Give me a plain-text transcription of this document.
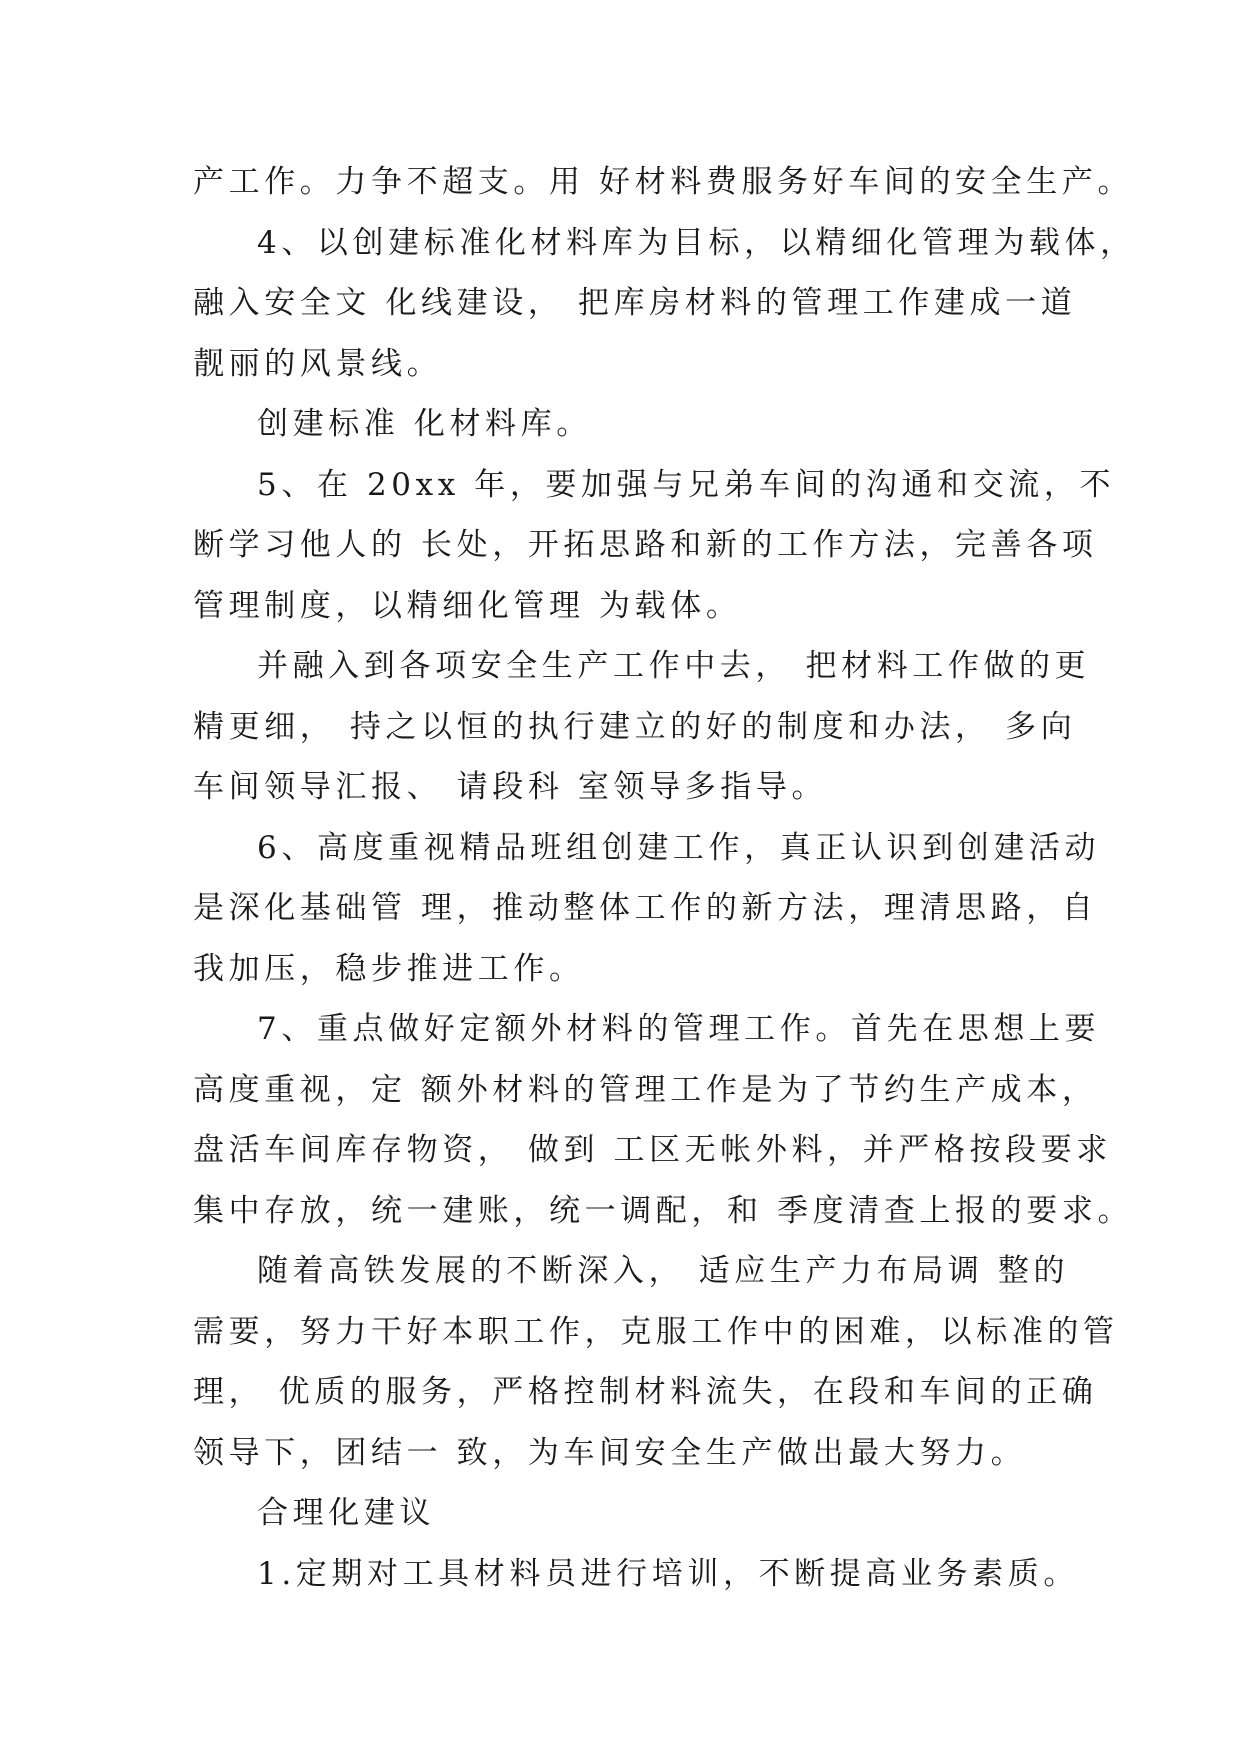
产工作。力争不超支。用 好材料费服务好车间的安全生产。
4、以创建标准化材料库为目标，以精细化管理为载体，
融入安全文 化线建设， 把库房材料的管理工作建成一道
靓丽的风景线。
创建标准 化材料库。
5、在 20xx 年，要加强与兄弟车间的沟通和交流，不
断学习他人的 长处，开拓思路和新的工作方法，完善各项
管理制度，以精细化管理 为载体。
并融入到各项安全生产工作中去， 把材料工作做的更
精更细， 持之以恒的执行建立的好的制度和办法， 多向
车间领导汇报、 请段科 室领导多指导。
6、高度重视精品班组创建工作，真正认识到创建活动
是深化基础管 理，推动整体工作的新方法，理清思路，自
我加压，稳步推进工作。
7、重点做好定额外材料的管理工作。首先在思想上要
高度重视，定 额外材料的管理工作是为了节约生产成本，
盘活车间库存物资， 做到 工区无帐外料，并严格按段要求
集中存放，统一建账，统一调配，和 季度清查上报的要求。
随着高铁发展的不断深入， 适应生产力布局调 整的
需要，努力干好本职工作，克服工作中的困难，以标准的管
理， 优质的服务，严格控制材料流失，在段和车间的正确
领导下，团结一 致，为车间安全生产做出最大努力。
合理化建议
1.定期对工具材料员进行培训，不断提高业务素质。
